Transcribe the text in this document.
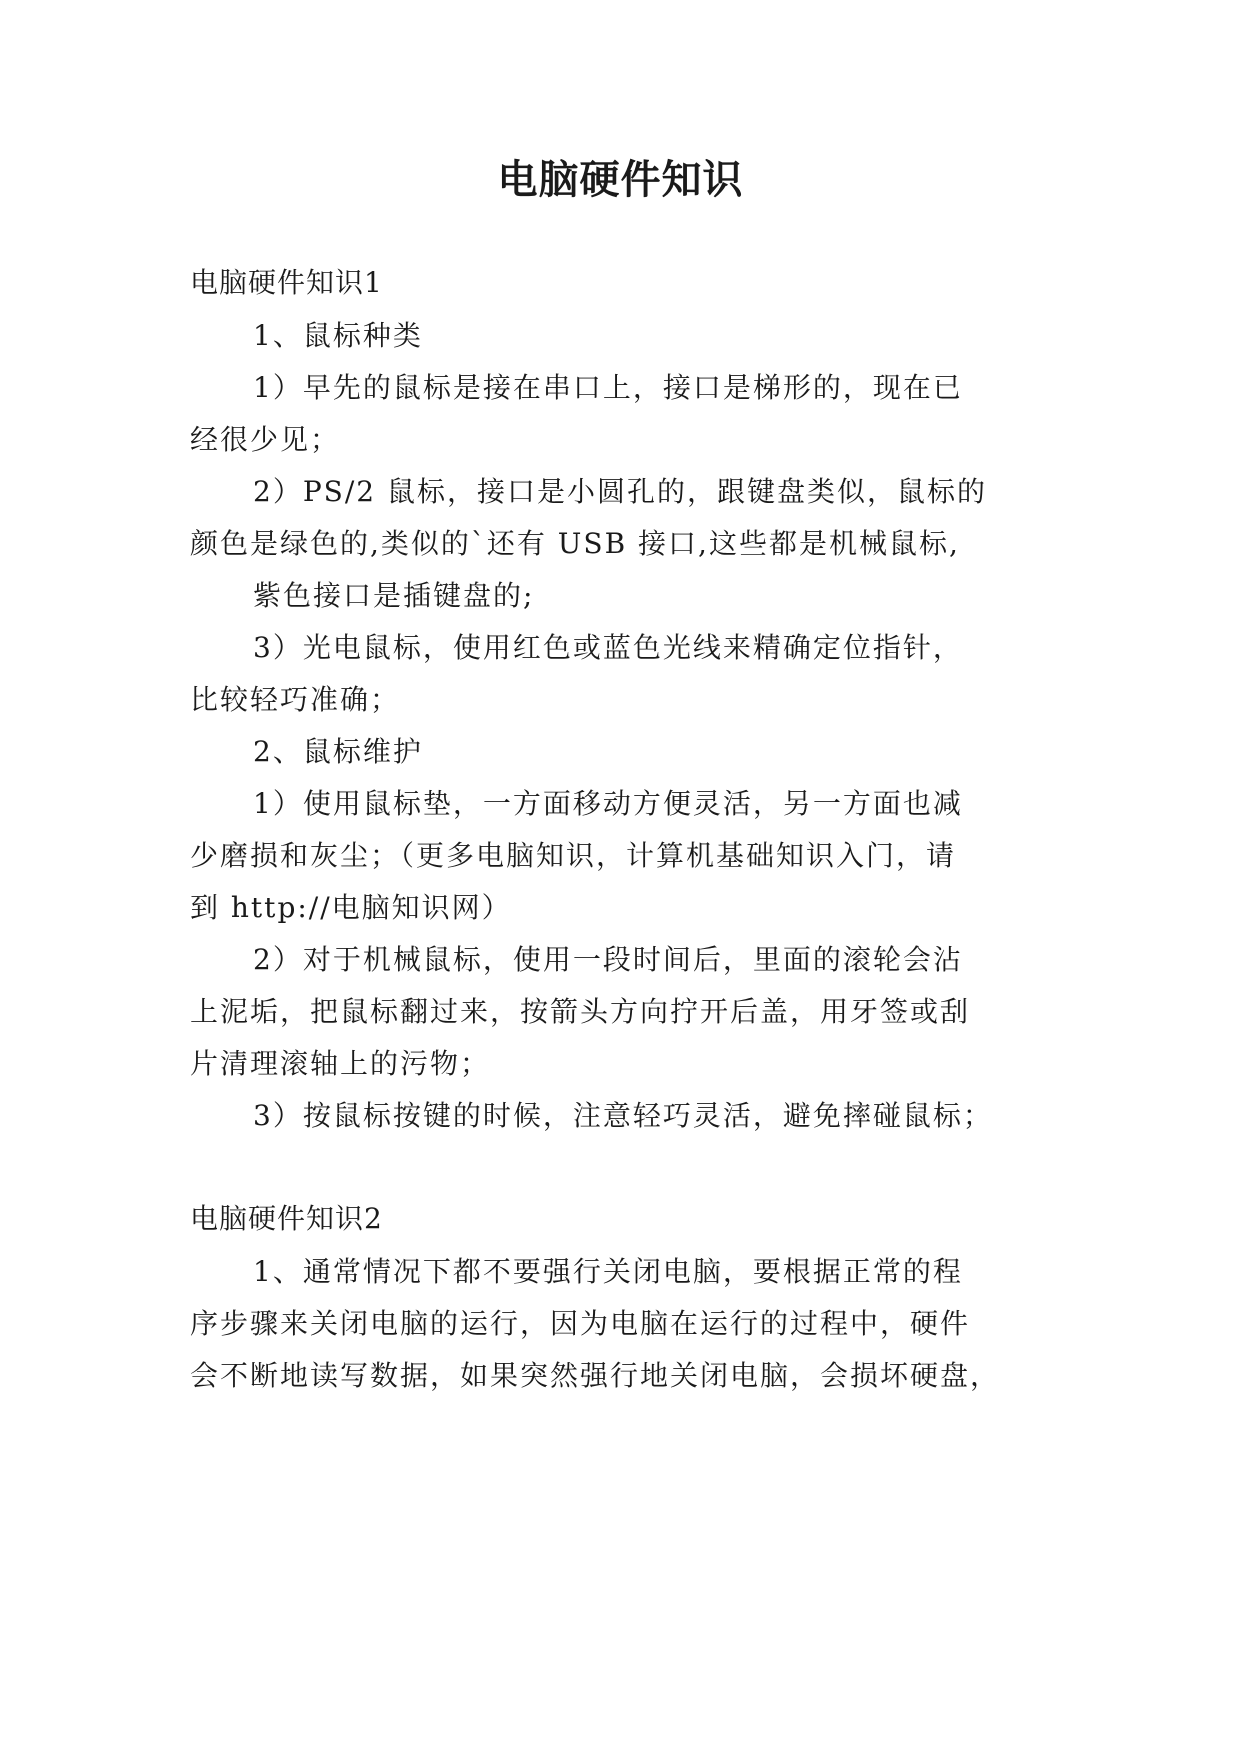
电脑硬件知识

电脑硬件知识1

1、鼠标种类

1）早先的鼠标是接在串口上，接口是梯形的，现在已

经很少见；

2）PS/2 鼠标，接口是小圆孔的，跟键盘类似，鼠标的

颜色是绿色的,类似的`还有 USB 接口,这些都是机械鼠标,

紫色接口是插键盘的;

3）光电鼠标，使用红色或蓝色光线来精确定位指针，

比较轻巧准确；

2、鼠标维护

1）使用鼠标垫，一方面移动方便灵活，另一方面也减

少磨损和灰尘；（更多电脑知识，计算机基础知识入门，请

到 http://电脑知识网）

2）对于机械鼠标，使用一段时间后，里面的滚轮会沾

上泥垢，把鼠标翻过来，按箭头方向拧开后盖，用牙签或刮

片清理滚轴上的污物；

3）按鼠标按键的时候，注意轻巧灵活，避免摔碰鼠标；

电脑硬件知识2

1、通常情况下都不要强行关闭电脑，要根据正常的程

序步骤来关闭电脑的运行，因为电脑在运行的过程中，硬件

会不断地读写数据，如果突然强行地关闭电脑，会损坏硬盘，
